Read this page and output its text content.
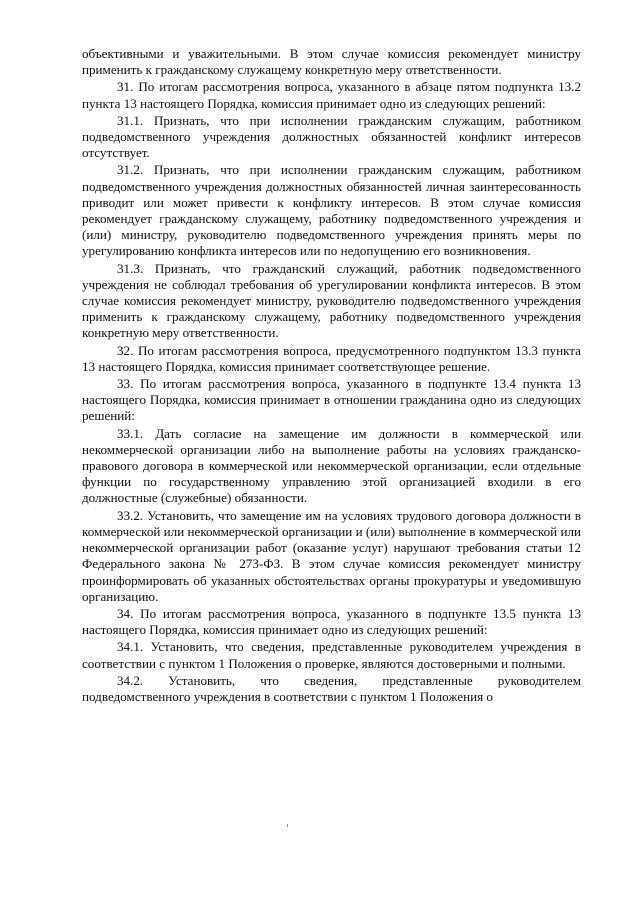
объективными и уважительными. В этом случае комиссия рекомендует министру применить к гражданскому служащему конкретную меру ответственности.

31. По итогам рассмотрения вопроса, указанного в абзаце пятом подпункта 13.2 пункта 13 настоящего Порядка, комиссия принимает одно из следующих решений:

31.1. Признать, что при исполнении гражданским служащим, работником подведомственного учреждения должностных обязанностей конфликт интересов отсутствует.

31.2. Признать, что при исполнении гражданским служащим, работником подведомственного учреждения должностных обязанностей личная заинтересованность приводит или может привести к конфликту интересов. В этом случае комиссия рекомендует гражданскому служащему, работнику подведомственного учреждения и (или) министру, руководителю подведомственного учреждения принять меры по урегулированию конфликта интересов или по недопущению его возникновения.

31.3. Признать, что гражданский служащий, работник подведомственного учреждения не соблюдал требования об урегулировании конфликта интересов. В этом случае комиссия рекомендует министру, руководителю подведомственного учреждения применить к гражданскому служащему, работнику подведомственного учреждения конкретную меру ответственности.

32. По итогам рассмотрения вопроса, предусмотренного подпунктом 13.3 пункта 13 настоящего Порядка, комиссия принимает соответствующее решение.

33. По итогам рассмотрения вопроса, указанного в подпункте 13.4 пункта 13 настоящего Порядка, комиссия принимает в отношении гражданина одно из следующих решений:

33.1. Дать согласие на замещение им должности в коммерческой или некоммерческой организации либо на выполнение работы на условиях гражданско-правового договора в коммерческой или некоммерческой организации, если отдельные функции по государственному управлению этой организацией входили в его должностные (служебные) обязанности.

33.2. Установить, что замещение им на условиях трудового договора должности в коммерческой или некоммерческой организации и (или) выполнение в коммерческой или некоммерческой организации работ (оказание услуг) нарушают требования статьи 12 Федерального закона № 273-ФЗ. В этом случае комиссия рекомендует министру проинформировать об указанных обстоятельствах органы прокуратуры и уведомившую организацию.

34. По итогам рассмотрения вопроса, указанного в подпункте 13.5 пункта 13 настоящего Порядка, комиссия принимает одно из следующих решений:

34.1. Установить, что сведения, представленные руководителем учреждения в соответствии с пунктом 1 Положения о проверке, являются достоверными и полными.

34.2. Установить, что сведения, представленные руководителем подведомственного учреждения в соответствии с пунктом 1 Положения о
